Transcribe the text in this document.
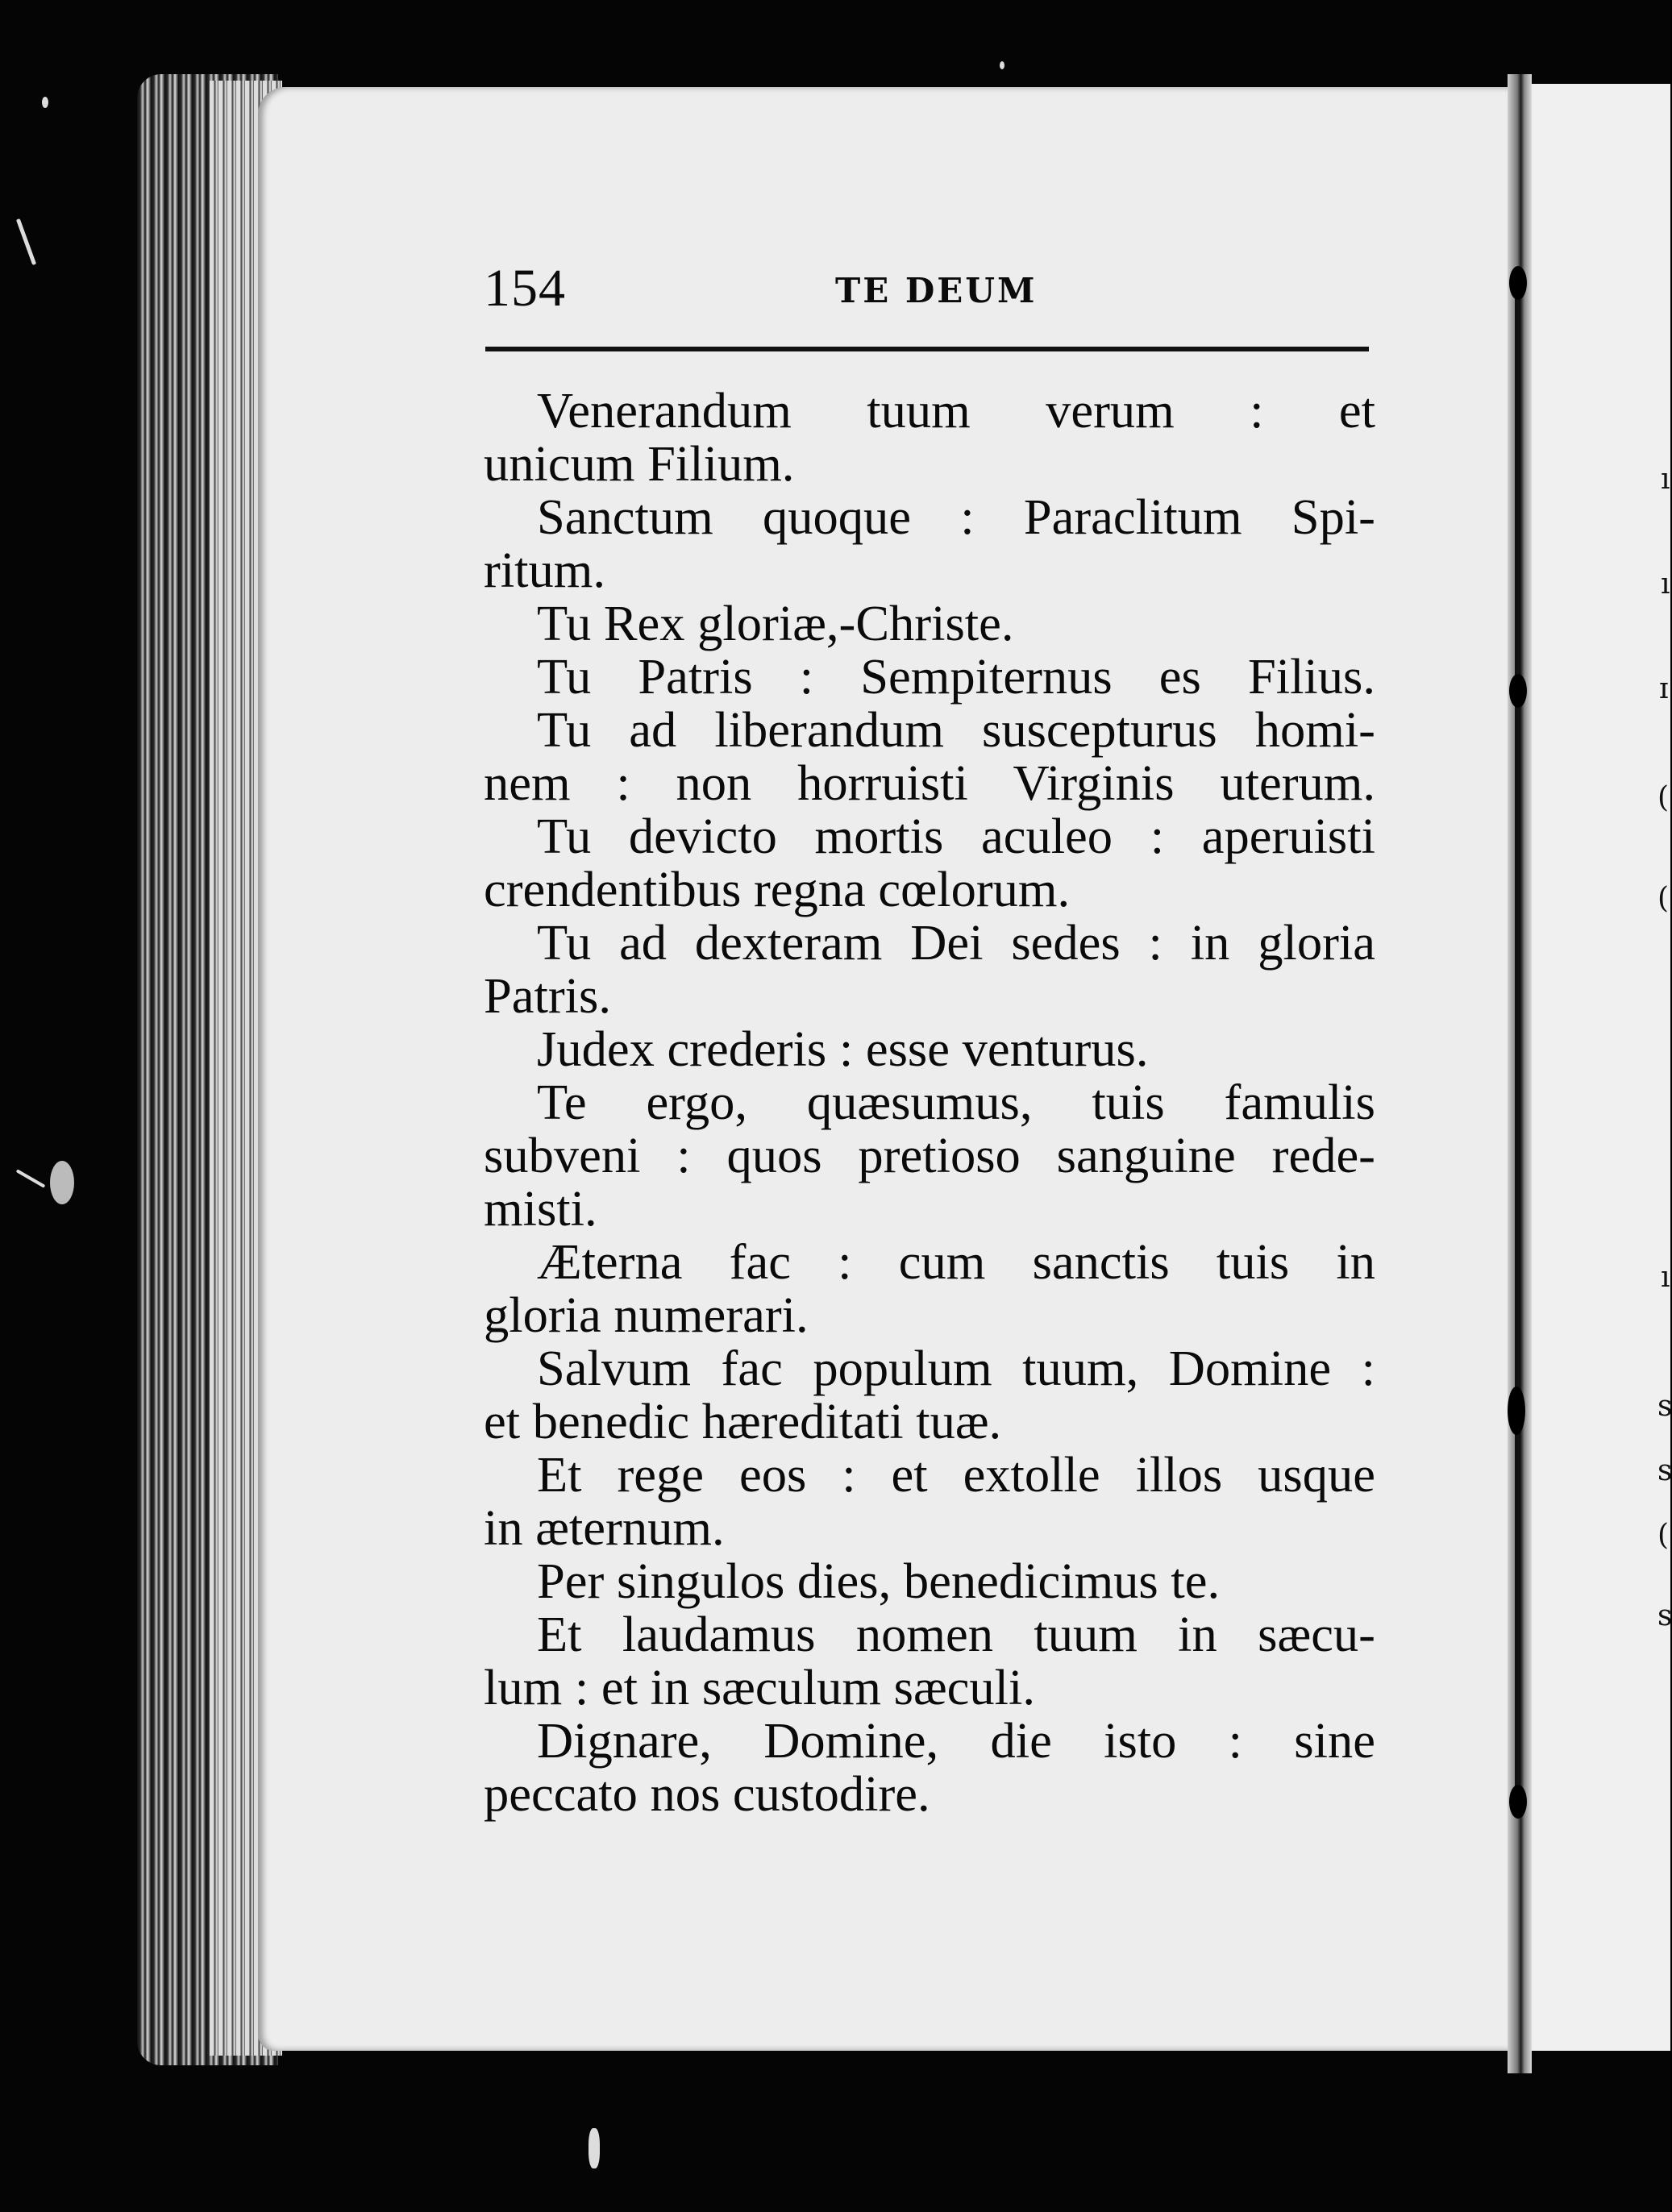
ı
ı
ɪ
(
(
ı
s
s
(
s
154	TE DEUM
Venerandum tuum verum : et
unicum Filium.
Sanctum quoque : Paraclitum Spi-
ritum.
Tu Rex gloriæ,-Christe.
Tu Patris : Sempiternus es Filius.
Tu ad liberandum suscepturus homi-
nem : non horruisti Virginis uterum.
Tu devicto mortis aculeo : aperuisti
crendentibus regna cœlorum.
Tu ad dexteram Dei sedes : in gloria
Patris.
Judex crederis : esse venturus.
Te ergo, quæsumus, tuis famulis
subveni : quos pretioso sanguine rede-
misti.
Æterna fac : cum sanctis tuis in
gloria numerari.
Salvum fac populum tuum, Domine :
et benedic hæreditati tuæ.
Et rege eos : et extolle illos usque
in æternum.
Per singulos dies, benedicimus te.
Et laudamus nomen tuum in sæcu-
lum : et in sæculum sæculi.
Dignare, Domine, die isto : sine
peccato nos custodire.
